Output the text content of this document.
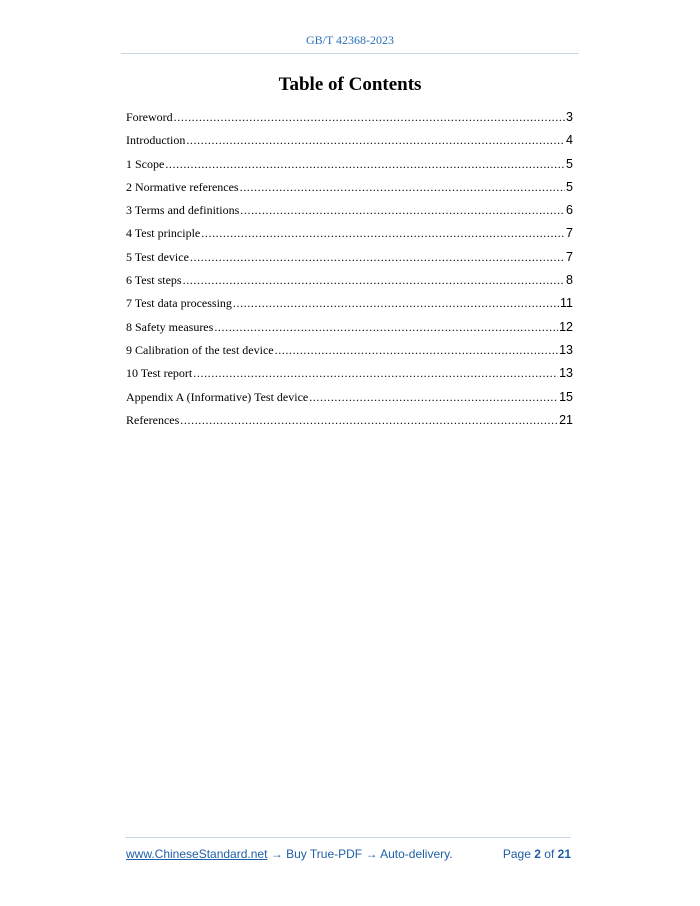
GB/T 42368-2023
Table of Contents
Foreword .....	3
Introduction .....	4
1 Scope .....	5
2 Normative references .....	5
3 Terms and definitions .....	6
4 Test principle .....	7
5 Test device .....	7
6 Test steps .....	8
7 Test data processing .....	11
8 Safety measures .....	12
9 Calibration of the test device .....	13
10 Test report .....	13
Appendix A (Informative) Test device .....	15
References .....	21
www.ChineseStandard.net → Buy True-PDF → Auto-delivery.	Page 2 of 21
